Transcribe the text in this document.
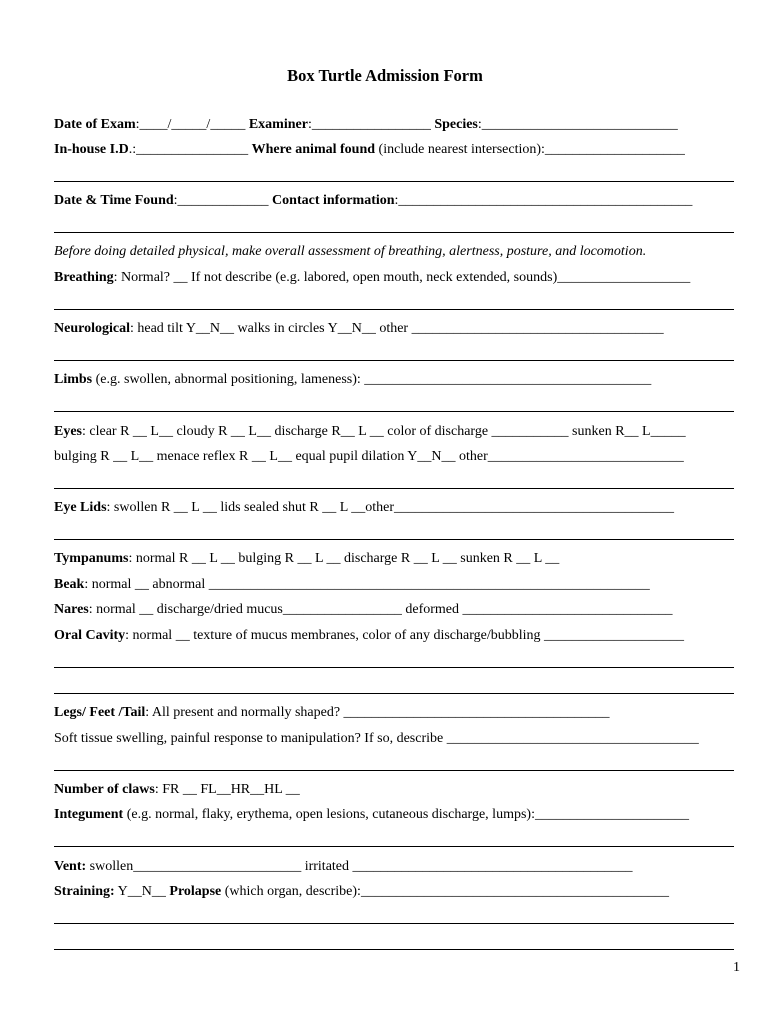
Box Turtle Admission Form
Date of Exam:____/_____/_____ Examiner:_________________ Species:____________________________
In-house I.D.:________________ Where animal found (include nearest intersection):____________________
Date & Time Found:_____________ Contact information:__________________________________________
Before doing detailed physical, make overall assessment of breathing, alertness, posture, and locomotion.
Breathing: Normal? __ If not describe (e.g. labored, open mouth, neck extended, sounds)___________________
Neurological: head tilt Y__N__ walks in circles Y__N__ other ____________________________________
Limbs (e.g. swollen, abnormal positioning, lameness): _________________________________________
Eyes: clear R __ L__ cloudy R __ L__ discharge R__ L __ color of discharge ___________ sunken R__ L_____
bulging R __ L__ menace reflex R __ L__ equal pupil dilation Y__N__ other____________________________
Eye Lids: swollen R __ L __ lids sealed shut R __ L __other________________________________________
Tympanums: normal R __ L __ bulging R __ L __ discharge R __ L __ sunken R __ L __
Beak: normal __ abnormal _______________________________________________________________
Nares: normal __ discharge/dried mucus_________________ deformed ______________________________
Oral Cavity: normal __ texture of mucus membranes, color of any discharge/bubbling ____________________
Legs/ Feet /Tail: All present and normally shaped? ______________________________________
Soft tissue swelling, painful response to manipulation? If so, describe ____________________________________
Number of claws: FR __ FL__HR__HL __
Integument (e.g. normal, flaky, erythema, open lesions, cutaneous discharge, lumps):______________________
Vent: swollen________________________ irritated ________________________________________
Straining: Y__N__ Prolapse (which organ, describe):____________________________________________
1
